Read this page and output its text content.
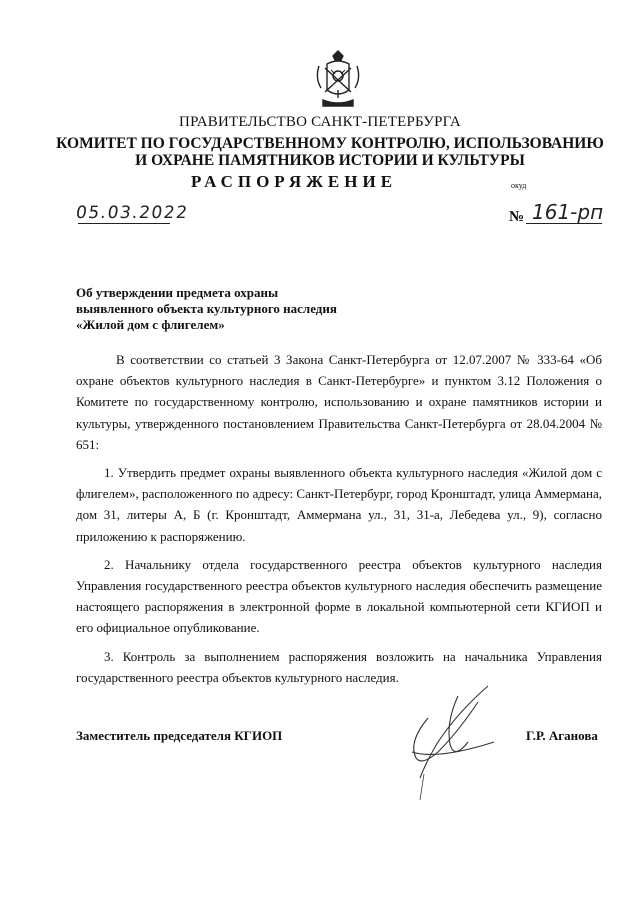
ПРАВИТЕЛЬСТВО САНКТ-ПЕТЕРБУРГА
КОМИТЕТ ПО ГОСУДАРСТВЕННОМУ КОНТРОЛЮ, ИСПОЛЬЗОВАНИЮ
И ОХРАНЕ ПАМЯТНИКОВ ИСТОРИИ И КУЛЬТУРЫ
РАСПОРЯЖЕНИЕ	окуд
05.03.2022	№ 161-рп
Об утверждении предмета охраны
выявленного объекта культурного наследия
«Жилой дом с флигелем»

В соответствии со статьей 3 Закона Санкт-Петербурга от 12.07.2007 № 333-64 «Об охране объектов культурного наследия в Санкт-Петербурге» и пунктом 3.12 Положения о Комитете по государственному контролю, использованию и охране памятников истории и культуры, утвержденного постановлением Правительства Санкт-Петербурга от 28.04.2004 № 651:

1. Утвердить предмет охраны выявленного объекта культурного наследия «Жилой дом с флигелем», расположенного по адресу: Санкт-Петербург, город Кронштадт, улица Аммермана, дом 31, литеры А, Б (г. Кронштадт, Аммермана ул., 31, 31-а, Лебедева ул., 9), согласно приложению к распоряжению.

2. Начальнику отдела государственного реестра объектов культурного наследия Управления государственного реестра объектов культурного наследия обеспечить размещение настоящего распоряжения в электронной форме в локальной компьютерной сети КГИОП и его официальное опубликование.

3. Контроль за выполнением распоряжения возложить на начальника Управления государственного реестра объектов культурного наследия.

Заместитель председателя КГИОП	Г.Р. Аганова
